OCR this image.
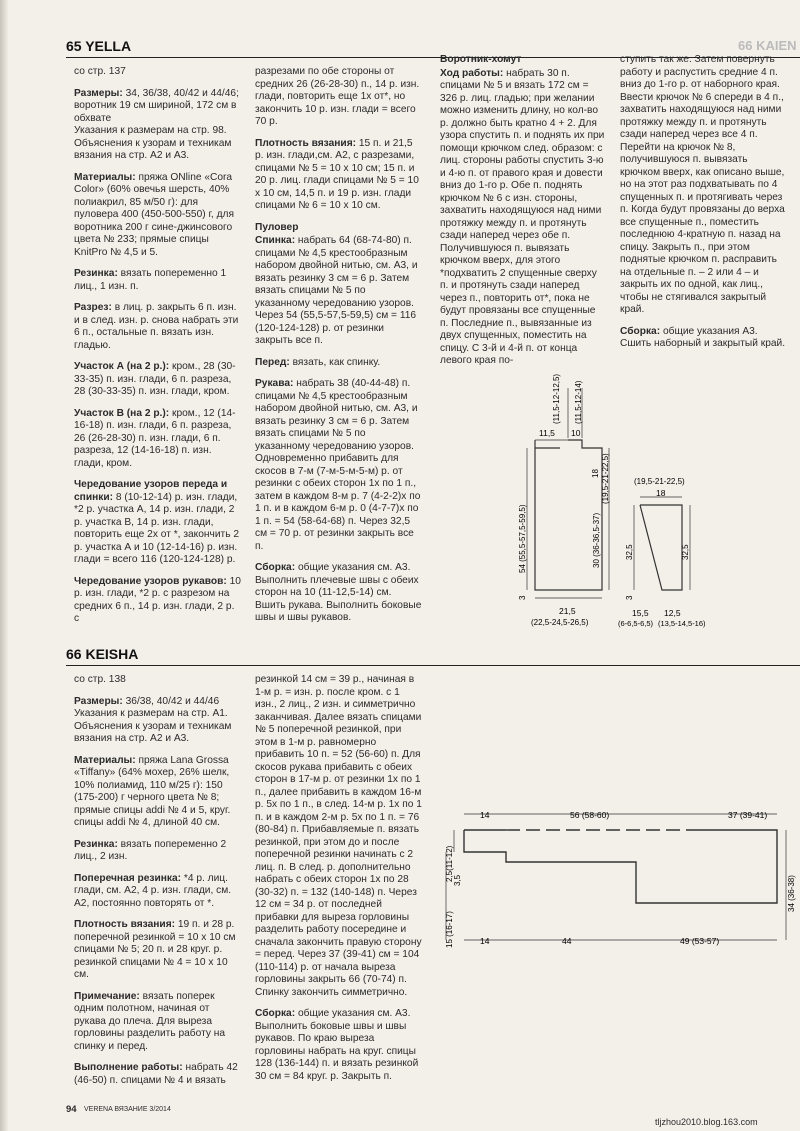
65 YELLA	66 KAIEN

со стр. 137

Размеры: 34, 36/38, 40/42 и 44/46; воротник 19 см шириной, 172 см в обхвате
Указания к размерам на стр. 98. Объяснения к узорам и техникам вязания на стр. А2 и А3.

Материалы: пряжа ONline «Cora Color» (60% овечья шерсть, 40% полиакрил, 85 м/50 г): для пуловера 400 (450-500-550) г, для воротника 200 г сине-джинсового цвета № 233; прямые спицы KnitPro № 4,5 и 5.

Резинка: вязать попеременно 1 лиц., 1 изн. п.

Разрез: в лиц. р. закрыть 6 п. изн. и в след. изн. р. снова набрать эти 6 п., остальные п. вязать изн. гладью.

Участок А (на 2 р.): кром., 28 (30-33-35) п. изн. глади, 6 п. разреза, 28 (30-33-35) п. изн. глади, кром.

Участок В (на 2 р.): кром., 12 (14-16-18) п. изн. глади, 6 п. разреза, 26 (26-28-30) п. изн. глади, 6 п. разреза, 12 (14-16-18) п. изн. глади, кром.

Чередование узоров переда и спинки: 8 (10-12-14) р. изн. глади, *2 р. участка А, 14 р. изн. глади, 2 р. участка В, 14 р. изн. глади, повторить еще 2х от *, закончить 2 р. участка А и 10 (12-14-16) р. изн. глади = всего 116 (120-124-128) р.

Чередование узоров рукавов: 10 р. изн. глади, *2 р. с разрезом на средних 6 п., 14 р. изн. глади, 2 р. с

разрезами по обе стороны от средних 26 (26-28-30) п., 14 р. изн. глади, повторить еще 1х от*, но закончить 10 р. изн. глади = всего 70 р.

Плотность вязания: 15 п. и 21,5 р. изн. глади,см. А2, с разрезами, спицами № 5 = 10 х 10 см; 15 п. и 20 р. лиц. глади спицами № 5 = 10 х 10 см, 14,5 п. и 19 р. изн. глади спицами № 6 = 10 х 10 см.

Пуловер

Спинка: набрать 64 (68-74-80) п. спицами № 4,5 крестообразным набором двойной нитью, см. А3, и вязать резинку 3 см = 6 р. Затем вязать спицами № 5 по указанному чередованию узоров. Через 54 (55,5-57,5-59,5) см = 116 (120-124-128) р. от резинки закрыть все п.

Перед: вязать, как спинку.

Рукава: набрать 38 (40-44-48) п. спицами № 4,5 крестообразным набором двойной нитью, см. А3, и вязать резинку 3 см = 6 р. Затем вязать спицами № 5 по указанному чередованию узоров. Одновременно прибавить для скосов в 7-м (7-м-5-м-5-м) р. от резинки с обеих сторон 1х по 1 п., затем в каждом 8-м р. 7 (4-2-2)х по 1 п. и в каждом 6-м р. 0 (4-7-7)х по 1 п. = 54 (58-64-68) п. Через 32,5 см = 70 р. от резинки закрыть все п.

Сборка: общие указания см. А3. Выполнить плечевые швы с обеих сторон на 10 (11-12,5-14) см. Вшить рукава. Выполнить боковые швы и швы рукавов.

Воротник-хомут

Ход работы: набрать 30 п. спицами № 5 и вязать 172 см = 326 р. лиц. гладью; при желании можно изменить длину, но кол-во р. должно быть кратно 4 + 2. Для узора спустить п. и поднять их при помощи крючком след. образом: с лиц. стороны работы спустить 3-ю и 4-ю п. от правого края и довести вниз до 1-го р. Обе п. поднять крючком № 6 с изн. стороны, захватить находящуюся над ними протяжку между п. и протянуть сзади наперед через обе п. Получившуюся п. вывязать крючком вверх, для этого *подхватить 2 спущенные сверху п. и протянуть сзади наперед через п., повторить от*, пока не будут провязаны все спущенные п. Последние п., вывязанные из двух спущенных, поместить на спицу. С 3-й и 4-й п. от конца левого края по-

ступить так же. Затем повернуть работу и распустить средние 4 п. вниз до 1-го р. от наборного края. Ввести крючок № 6 спереди в 4 п., захватить находящуюся над ними протяжку между п. и протянуть сзади наперед через все 4 п. Перейти на крючок № 8, получившуюся п. вывязать крючком вверх, как описано выше, но на этот раз подхватывать по 4 спущенных п. и протягивать через п. Когда будут провязаны до верха все спущенные п., поместить последнюю 4-кратную п. назад на спицу. Закрыть п., при этом поднятые крючком п. расправить на отдельные п. – 2 или 4 – и закрыть их по одной, как лиц., чтобы не стягивался закрытый край.

Сборка: общие указания А3. Сшить наборный и закрытый край.

11,5 10
(11,5-12-12,5) (11,5-12-14)
18 (19,5-21-22,5)
54 (55,5-57,5-59,5)	30 (36-36,5-37)
3
21,5
(22,5-24,5-26,5)
(19,5-21-22,5)
18
32,5	32,5
3
15,5 12,5
(6-6,5-6,5) (13,5-14,5-16)
66 KEISHA

со стр. 138

Размеры: 36/38, 40/42 и 44/46
Указания к размерам на стр. А1. Объяснения к узорам и техникам вязания на стр. А2 и А3.

Материалы: пряжа Lana Grossa «Tiffany» (64% мохер, 26% шелк, 10% полиамид, 110 м/25 г): 150 (175-200) г черного цвета № 8; прямые спицы addi № 4 и 5, круг. спицы addi № 4, длиной 40 см.

Резинка: вязать попеременно 2 лиц., 2 изн.

Поперечная резинка: *4 р. лиц. глади, см. А2, 4 р. изн. глади, см. А2, постоянно повторять от *.

Плотность вязания: 19 п. и 28 р. поперечной резинкой = 10 х 10 см спицами № 5; 20 п. и 28 круг. р. резинкой спицами № 4 = 10 х 10 см.

Примечание: вязать поперек одним полотном, начиная от рукава до плеча. Для выреза горловины разделить работу на спинку и перед.

Выполнение работы: набрать 42 (46-50) п. спицами № 4 и вязать

резинкой 14 см = 39 р., начиная в 1-м р. = изн. р. после кром. с 1 изн., 2 лиц., 2 изн. и симметрично заканчивая. Далее вязать спицами № 5 поперечной резинкой, при этом в 1-м р. равномерно прибавить 10 п. = 52 (56-60) п. Для скосов рукава прибавить с обеих сторон в 17-м р. от резинки 1х по 1 п., далее прибавить в каждом 16-м р. 5х по 1 п., в след. 14-м р. 1х по 1 п. и в каждом 2-м р. 5х по 1 п. = 76 (80-84) п. Прибавляемые п. вязать резинкой, при этом до и после поперечной резинки начинать с 2 лиц. п. В след. р. дополнительно набрать с обеих сторон 1х по 28 (30-32) п. = 132 (140-148) п. Через 12 см = 34 р. от последней прибавки для выреза горловины разделить работу посередине и сначала закончить правую сторону = перед. Через 37 (39-41) см = 104 (110-114) р. от начала выреза горловины закрыть 66 (70-74) п. Спинку закончить симметрично.

Сборка: общие указания см. А3. Выполнить боковые швы и швы рукавов. По краю выреза горловины набрать на круг. спицы 128 (136-144) п. и вязать резинкой 30 см = 84 круг. р. Закрыть п.

14	56 (58-60)	37 (39-41)
2,5(11-12) 3,5
15 (16-17)
34 (36-38)
14	44	49 (53-57)
94 VERENA ВЯЗАНИЕ 3/2014
tljzhou2010.blog.163.com
